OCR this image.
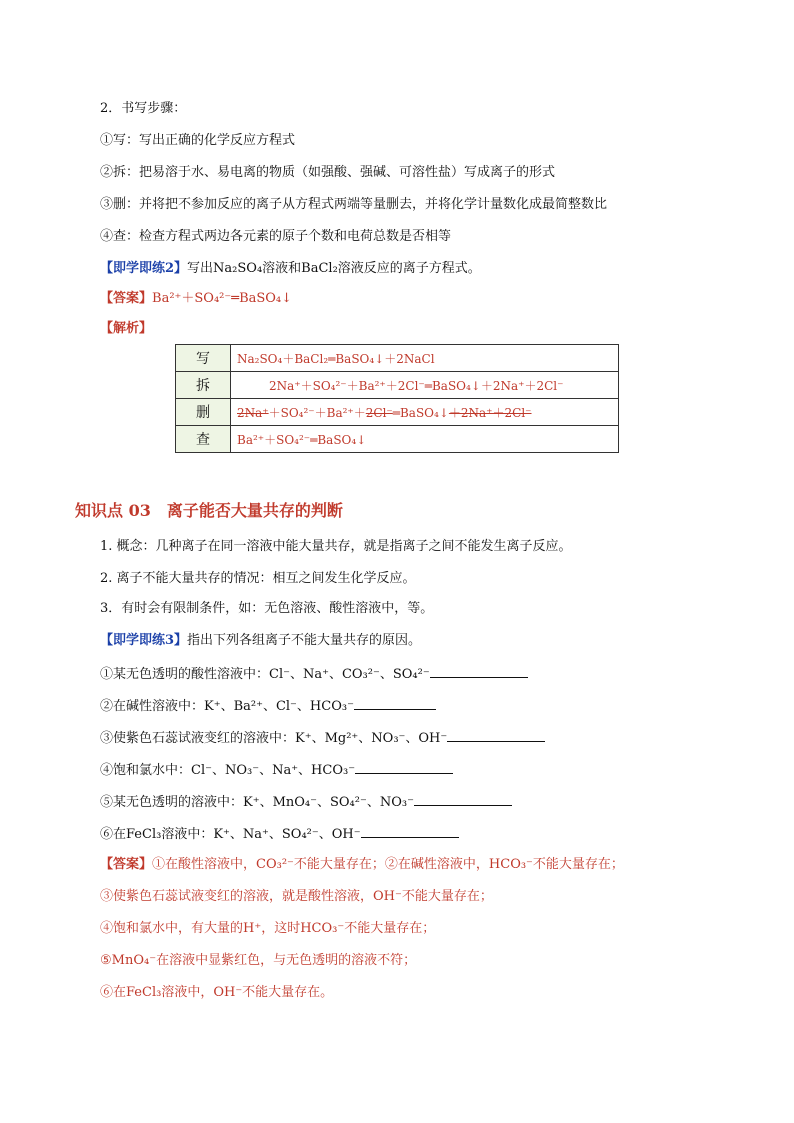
2．书写步骤：
①写：写出正确的化学反应方程式
②拆：把易溶于水、易电离的物质（如强酸、强碱、可溶性盐）写成离子的形式
③删：并将把不参加反应的离子从方程式两端等量删去，并将化学计量数化成最简整数比
④查：检查方程式两边各元素的原子个数和电荷总数是否相等
【即学即练2】写出Na₂SO₄溶液和BaCl₂溶液反应的离子方程式。
【答案】Ba²⁺＋SO₄²⁻═BaSO₄↓
【解析】
写	Na₂SO₄＋BaCl₂═BaSO₄↓＋2NaCl
拆	2Na⁺＋SO₄²⁻＋Ba²⁺＋2Cl⁻═BaSO₄↓＋2Na⁺＋2Cl⁻
删	2Na⁺＋SO₄²⁻＋Ba²⁺＋2Cl⁻═BaSO₄↓＋2Na⁺＋2Cl⁻
查	Ba²⁺＋SO₄²⁻═BaSO₄↓
知识点 03　离子能否大量共存的判断
1. 概念：几种离子在同一溶液中能大量共存，就是指离子之间不能发生离子反应。
2. 离子不能大量共存的情况：相互之间发生化学反应。
3．有时会有限制条件，如：无色溶液、酸性溶液中，等。
【即学即练3】指出下列各组离子不能大量共存的原因。
①某无色透明的酸性溶液中：Cl⁻、Na⁺、CO₃²⁻、SO₄²⁻
②在碱性溶液中：K⁺、Ba²⁺、Cl⁻、HCO₃⁻
③使紫色石蕊试液变红的溶液中：K⁺、Mg²⁺、NO₃⁻、OH⁻
④饱和氯水中：Cl⁻、NO₃⁻、Na⁺、HCO₃⁻
⑤某无色透明的溶液中：K⁺、MnO₄⁻、SO₄²⁻、NO₃⁻
⑥在FeCl₃溶液中：K⁺、Na⁺、SO₄²⁻、OH⁻
【答案】①在酸性溶液中，CO₃²⁻不能大量存在；②在碱性溶液中，HCO₃⁻不能大量存在；
③使紫色石蕊试液变红的溶液，就是酸性溶液，OH⁻不能大量存在；
④饱和氯水中，有大量的H⁺，这时HCO₃⁻不能大量存在；
⑤MnO₄⁻在溶液中显紫红色，与无色透明的溶液不符；
⑥在FeCl₃溶液中，OH⁻不能大量存在。
